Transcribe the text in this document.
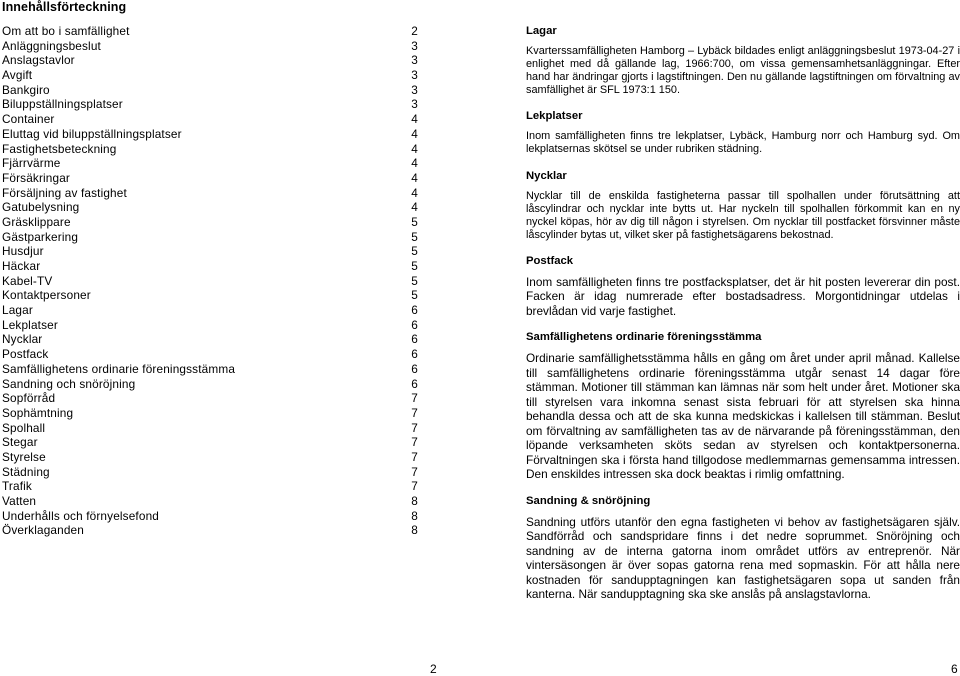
Innehållsförteckning
Om att bo i samfällighet	2
Anläggningsbeslut	3
Anslagstavlor	3
Avgift	3
Bankgiro	3
Biluppställningsplatser	3
Container	4
Eluttag vid biluppställningsplatser	4
Fastighetsbeteckning	4
Fjärrvärme	4
Försäkringar	4
Försäljning av fastighet	4
Gatubelysning	4
Gräsklippare	5
Gästparkering	5
Husdjur	5
Häckar	5
Kabel-TV	5
Kontaktpersoner	5
Lagar	6
Lekplatser	6
Nycklar	6
Postfack	6
Samfällighetens ordinarie föreningsstämma	6
Sandning och snöröjning	6
Sopförråd	7
Sophämtning	7
Spolhall	7
Stegar	7
Styrelse	7
Städning	7
Trafik	7
Vatten	8
Underhålls och förnyelsefond	8
Överklaganden	8
Lagar
Kvarterssamfälligheten Hamborg – Lybäck bildades enligt anläggningsbeslut 1973-04-27 i enlighet med då gällande lag, 1966:700, om vissa gemensamhetsanläggningar. Efter hand har ändringar gjorts i lagstiftningen. Den nu gällande lagstiftningen om förvaltning av samfällighet är SFL 1973:1 150.
Lekplatser
Inom samfälligheten finns tre lekplatser, Lybäck, Hamburg norr och Hamburg syd. Om lekplatsernas skötsel se under rubriken städning.
Nycklar
Nycklar till de enskilda fastigheterna passar till spolhallen under förutsättning att låscylindrar och nycklar inte bytts ut. Har nyckeln till spolhallen förkommit kan en ny nyckel köpas, hör av dig till någon i styrelsen. Om nycklar till postfacket försvinner måste låscylinder bytas ut, vilket sker på fastighetsägarens bekostnad.
Postfack
Inom samfälligheten finns tre postfacksplatser, det är hit posten levererar din post. Facken är idag numrerade efter bostadsadress. Morgontidningar utdelas i brevlådan vid varje fastighet.
Samfällighetens ordinarie föreningsstämma
Ordinarie samfällighetsstämma hålls en gång om året under april månad. Kallelse till samfällighetens ordinarie föreningsstämma utgår senast 14 dagar före stämman. Motioner till stämman kan lämnas när som helt under året. Motioner ska till styrelsen vara inkomna senast sista februari för att styrelsen ska hinna behandla dessa och att de ska kunna medskickas i kallelsen till stämman. Beslut om förvaltning av samfälligheten tas av de närvarande på föreningsstämman, den löpande verksamheten sköts sedan av styrelsen och kontaktpersonerna. Förvaltningen ska i första hand tillgodose medlemmarnas gemensamma intressen. Den enskildes intressen ska dock beaktas i rimlig omfattning.
Sandning & snöröjning
Sandning utförs utanför den egna fastigheten vi behov av fastighetsägaren själv. Sandförråd och sandspridare finns i det nedre soprummet. Snöröjning och sandning av de interna gatorna inom området utförs av entreprenör. När vintersäsongen är över sopas gatorna rena med sopmaskin. För att hålla nere kostnaden för sandupptagningen kan fastighetsägaren sopa ut sanden från kanterna. När sandupptagning ska ske anslås på anslagstavlorna.
2	6
